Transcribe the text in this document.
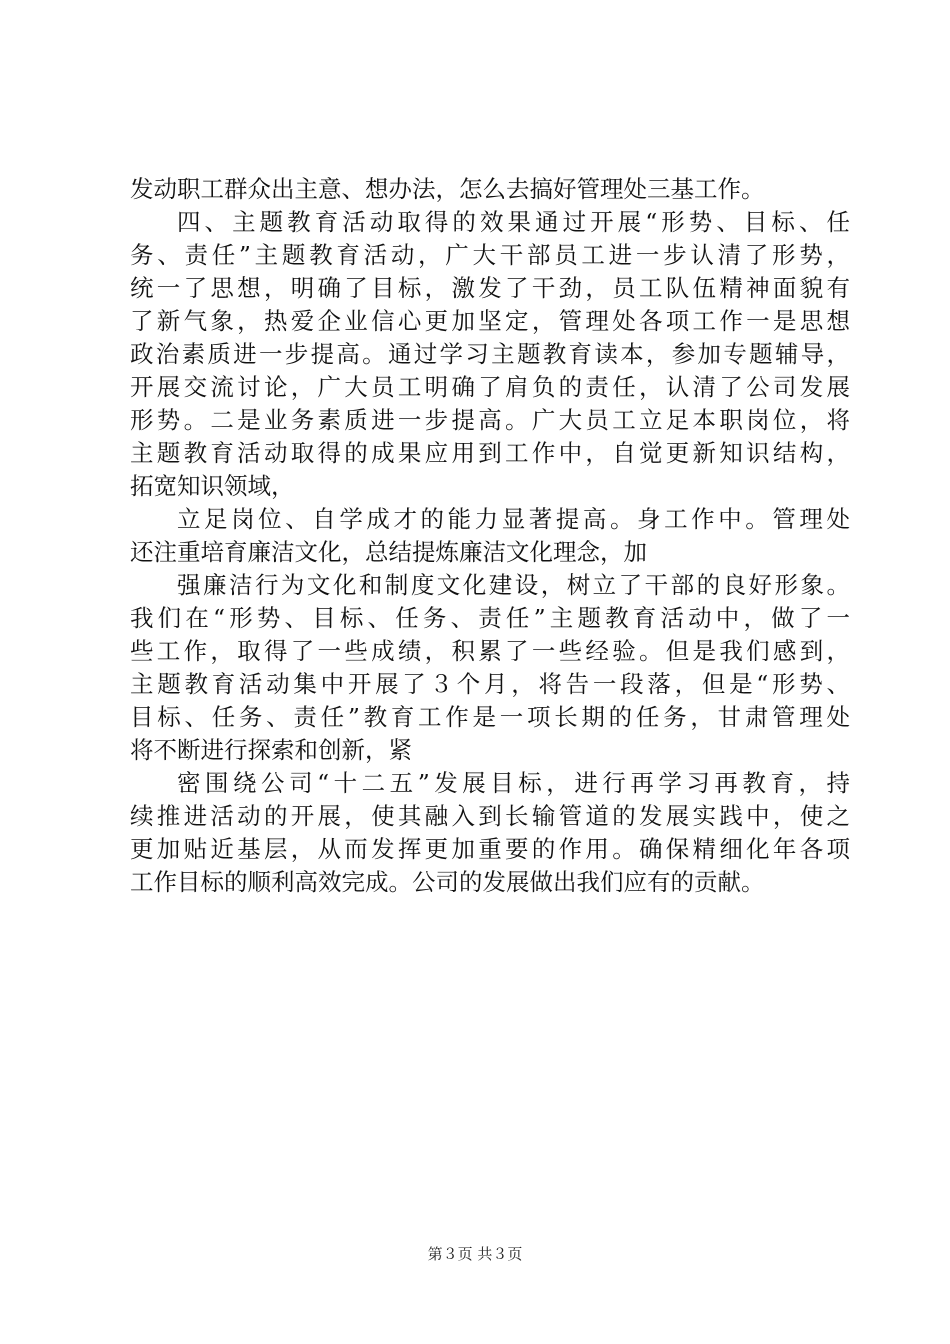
发动职工群众出主意、想办法，怎么去搞好管理处三基工作。
四、主题教育活动取得的效果通过开展“形势、目标、任
务、责任”主题教育活动，广大干部员工进一步认清了形势，
统一了思想，明确了目标，激发了干劲，员工队伍精神面貌有
了新气象，热爱企业信心更加坚定，管理处各项工作一是思想
政治素质进一步提高。通过学习主题教育读本，参加专题辅导，
开展交流讨论，广大员工明确了肩负的责任，认清了公司发展
形势。二是业务素质进一步提高。广大员工立足本职岗位，将
主题教育活动取得的成果应用到工作中，自觉更新知识结构，
拓宽知识领域，
立足岗位、自学成才的能力显著提高。身工作中。管理处
还注重培育廉洁文化，总结提炼廉洁文化理念，加
强廉洁行为文化和制度文化建设，树立了干部的良好形象。
我们在“形势、目标、任务、责任”主题教育活动中，做了一
些工作，取得了一些成绩，积累了一些经验。但是我们感到，
主题教育活动集中开展了３个月，将告一段落，但是“形势、
目标、任务、责任”教育工作是一项长期的任务，甘肃管理处
将不断进行探索和创新，紧
密围绕公司“十二五”发展目标，进行再学习再教育，持
续推进活动的开展，使其融入到长输管道的发展实践中，使之
更加贴近基层，从而发挥更加重要的作用。确保精细化年各项
工作目标的顺利高效完成。公司的发展做出我们应有的贡献。
第３页 共３页
